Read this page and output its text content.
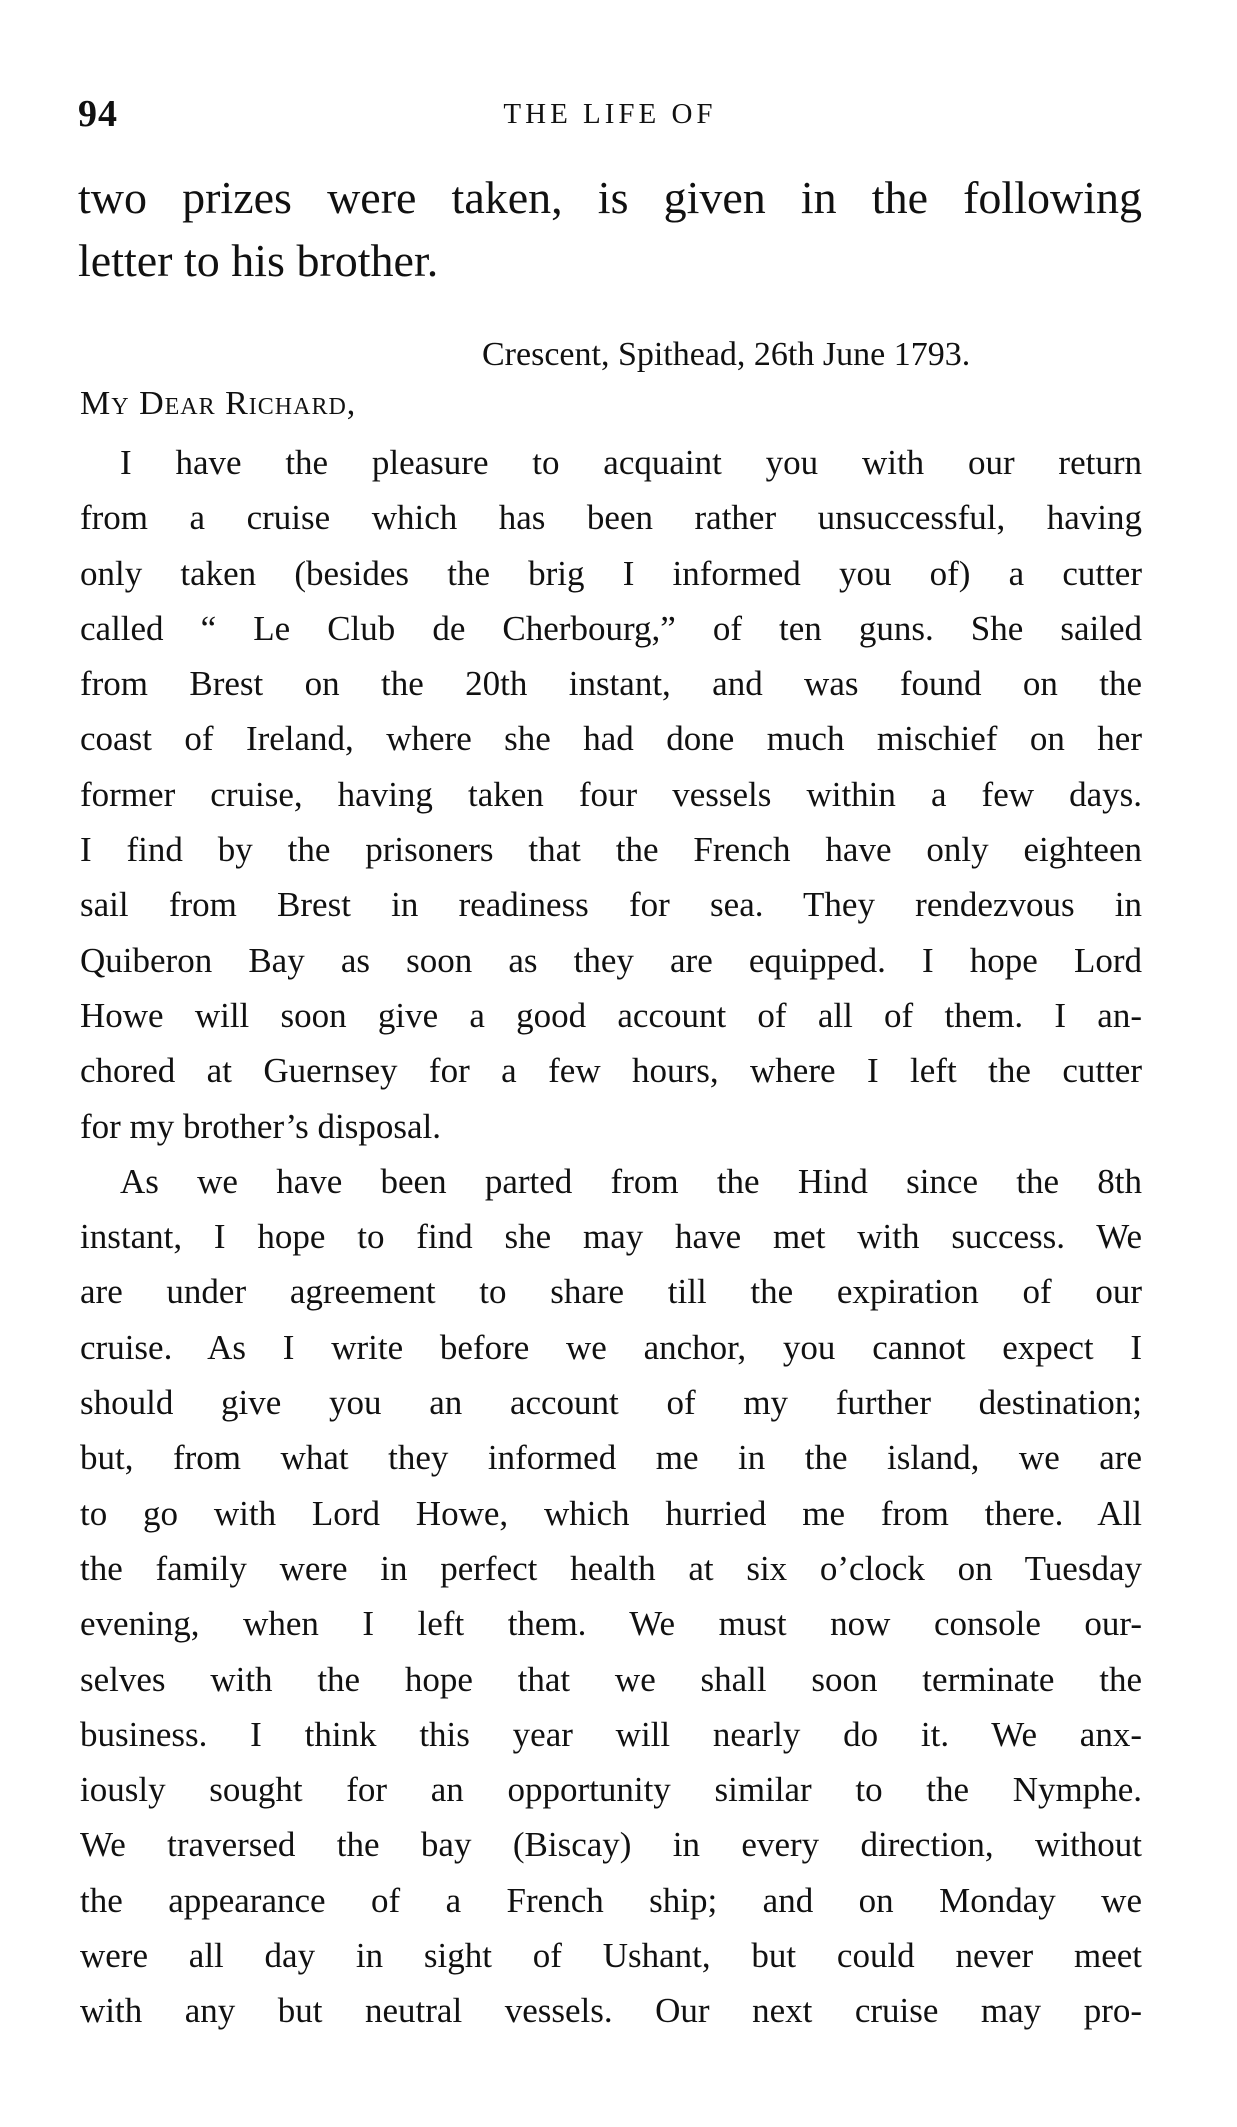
94	THE LIFE OF
two prizes were taken, is given in the following
letter to his brother.
Crescent, Spithead, 26th June 1793.
My Dear Richard,
I have the pleasure to acquaint you with our return
from a cruise which has been rather unsuccessful, having
only taken (besides the brig I informed you of) a cutter
called “ Le Club de Cherbourg,” of ten guns. She sailed
from Brest on the 20th instant, and was found on the
coast of Ireland, where she had done much mischief on her
former cruise, having taken four vessels within a few days.
I find by the prisoners that the French have only eighteen
sail from Brest in readiness for sea. They rendezvous in
Quiberon Bay as soon as they are equipped. I hope Lord
Howe will soon give a good account of all of them. I an-
chored at Guernsey for a few hours, where I left the cutter
for my brother’s disposal.
As we have been parted from the Hind since the 8th
instant, I hope to find she may have met with success. We
are under agreement to share till the expiration of our
cruise. As I write before we anchor, you cannot expect I
should give you an account of my further destination;
but, from what they informed me in the island, we are
to go with Lord Howe, which hurried me from there. All
the family were in perfect health at six o’clock on Tuesday
evening, when I left them. We must now console our-
selves with the hope that we shall soon terminate the
business. I think this year will nearly do it. We anx-
iously sought for an opportunity similar to the Nymphe.
We traversed the bay (Biscay) in every direction, without
the appearance of a French ship; and on Monday we
were all day in sight of Ushant, but could never meet
with any but neutral vessels. Our next cruise may pro-
